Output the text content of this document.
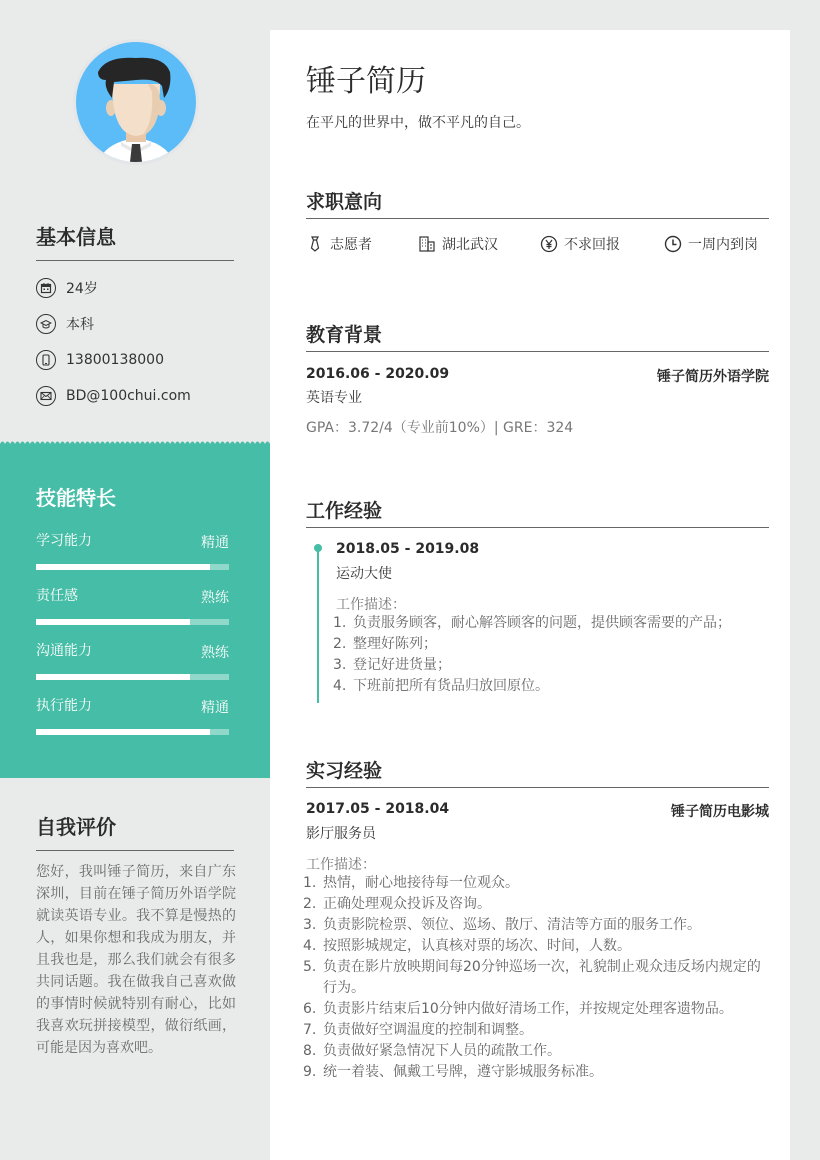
基本信息
24岁
本科
13800138000
BD@100chui.com
技能特长
学习能力	精通
责任感	熟练
沟通能力	熟练
执行能力	精通
自我评价
您好，我叫锤子简历，来自广东深圳，目前在锤子简历外语学院就读英语专业。我不算是慢热的人，如果你想和我成为朋友，并且我也是，那么我们就会有很多共同话题。我在做我自己喜欢做的事情时候就特别有耐心，比如我喜欢玩拼接模型，做衍纸画，可能是因为喜欢吧。
锤子简历
在平凡的世界中，做不平凡的自己。
求职意向
志愿者	湖北武汉	不求回报	一周内到岗
教育背景
2016.06 - 2020.09	锤子简历外语学院
英语专业
GPA：3.72/4（专业前10%）| GRE：324
工作经验
2018.05 - 2019.08
运动大使
工作描述：
1. 负责服务顾客，耐心解答顾客的问题，提供顾客需要的产品；
2. 整理好陈列；
3. 登记好进货量；
4. 下班前把所有货品归放回原位。
实习经验
2017.05 - 2018.04	锤子简历电影城
影厅服务员
工作描述：
1. 热情，耐心地接待每一位观众。
2. 正确处理观众投诉及咨询。
3. 负责影院检票、领位、巡场、散厅、清洁等方面的服务工作。
4. 按照影城规定，认真核对票的场次、时间，人数。
5. 负责在影片放映期间每20分钟巡场一次，礼貌制止观众违反场内规定的行为。
6. 负责影片结束后10分钟内做好清场工作，并按规定处理客遗物品。
7. 负责做好空调温度的控制和调整。
8. 负责做好紧急情况下人员的疏散工作。
9. 统一着装、佩戴工号牌，遵守影城服务标准。
